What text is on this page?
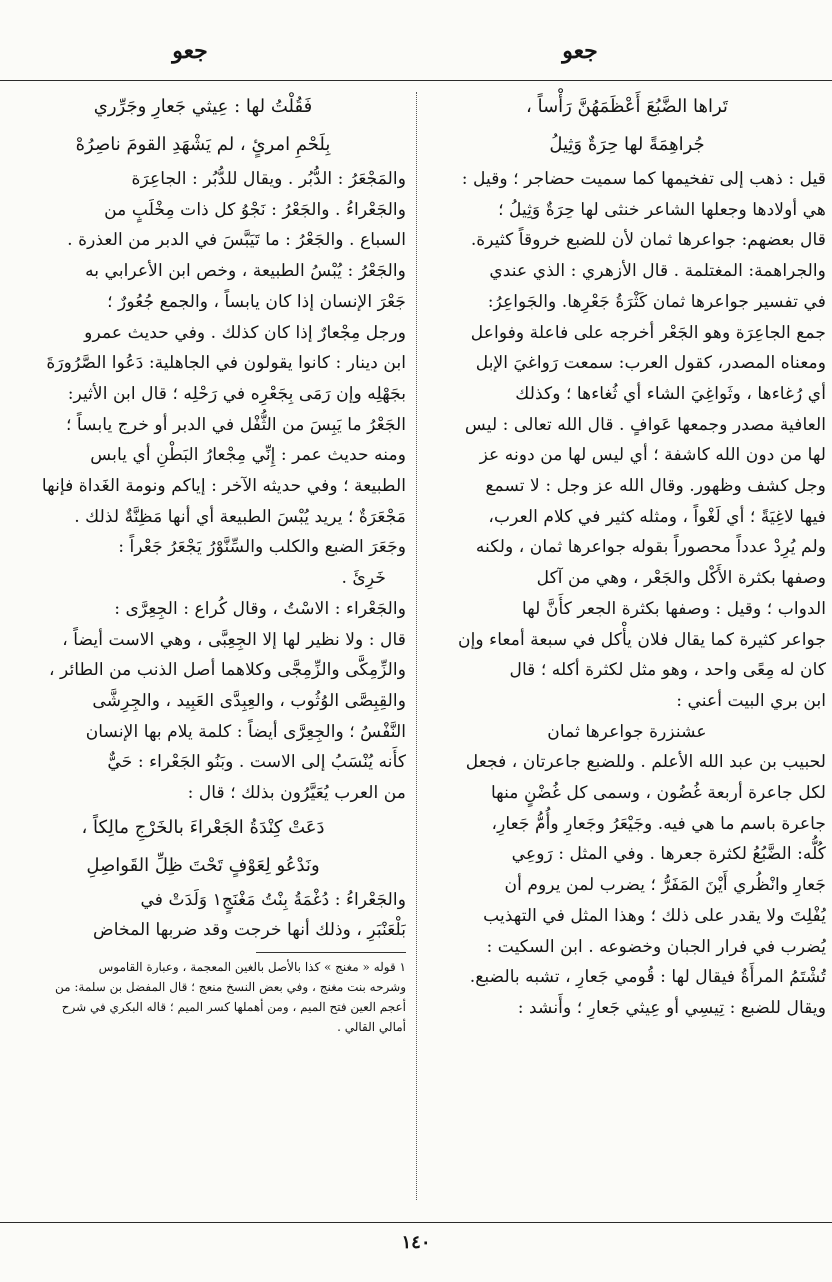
جعو
جعو
تَراها الضَّبُعَ أَعْظَمَهُنَّ رَأْساً ،
جُراهِمَةً لها حِرَةٌ وَثِيلُ
قيل : ذهب إلى تفخيمها كما سميت حضاجر ؛ وقيل :
هي أولادها وجعلها الشاعر خنثى لها حِرَةٌ وَثِيلُ ؛
قال بعضهم: جواعرها ثمان لأن للضبع خروقاً كثيرة.
والجراهمة: المغتلمة . قال الأزهري : الذي عندي
في تفسير جواعرها ثمان كَثْرَةُ جَعْرِها. والجَواعِرُ:
جمع الجاعِرَة وهو الجَعْر أخرجه على فاعلة وفواعل
ومعناه المصدر، كقول العرب: سمعت رَواغيَ الإبل
أي رُغاءها ، وثَواغِيَ الشاء أي ثُغاءها ؛ وكذلك
العافية مصدر وجمعها عَوافٍ . قال الله تعالى : ليس
لها من دون الله كاشفة ؛ أي ليس لها من دونه عز
وجل كشف وظهور. وقال الله عز وجل : لا تسمع
فيها لاغِيَةً ؛ أي لَغْواً ، ومثله كثير في كلام العرب،
ولم يُرِدْ عدداً محصوراً بقوله جواعرها ثمان ، ولكنه
وصفها بكثرة الأَكْل والجَعْر ، وهي من آكل
الدواب ؛ وقيل : وصفها بكثرة الجعر كأَنَّ لها
جواعر كثيرة كما يقال فلان يأْكل في سبعة أمعاء وإن
كان له مِعًى واحد ، وهو مثل لكثرة أكله ؛ قال
ابن بري البيت أعني :
عشنزرة جواعرها ثمان
لحبيب بن عبد الله الأعلم . وللضبع جاعرتان ، فجعل
لكل جاعرة أربعة غُضُون ، وسمى كل غُضْنٍ منها
جاعرة باسم ما هي فيه. وجَيْعَرُ وجَعارِ وأُمُّ جَعارِ،
كُلُّه: الضَّبُعُ لكثرة جعرها . وفي المثل : رَوعِي
جَعارِ وانْظُري أَيْنَ المَفَرُّ ؛ يضرب لمن يروم أن
يُفْلِتَ ولا يقدر على ذلك ؛ وهذا المثل في التهذيب
يُضرب في فرار الجبان وخضوعه . ابن السكيت :
تُشْتَمُ المرأَةُ فيقال لها : قُومي جَعارِ ، تشبه بالضبع.
ويقال للضبع : تِيسِي أو عِيثي جَعارِ ؛ وأَنشد :
فَقُلْتُ لها : عِيثي جَعارِ وجَرِّري
بِلَحْمِ امرئٍ ، لم يَشْهَدِ القومَ ناصِرُهْ
والمَجْعَرُ : الدُّبُر . ويقال للدُّبُر : الجاعِرَة
والجَعْراءُ . والجَعْرُ : نَجْوُ كل ذات مِخْلَبٍ من
السباع . والجَعْرُ : ما تَيَبَّسَ في الدبر من العذرة .
والجَعْرُ : يُبْسُ الطبيعة ، وخص ابن الأعرابي به
جَعْرَ الإنسان إذا كان يابساً ، والجمع جُعُورٌ ؛
ورجل مِجْعارٌ إذا كان كذلك . وفي حديث عمرو
ابن دينار : كانوا يقولون في الجاهلية: دَعُوا الصَّرُورَةَ
بجَهْلِه وإن رَمَى بِجَعْرِه في رَحْلِه ؛ قال ابن الأثير:
الجَعْرُ ما يَبِسَ من الثُّفْل في الدبر أو خرج يابساً ؛
ومنه حديث عمر : إِنِّي مِجْعارُ البَطْنِ أي يابس
الطبيعة ؛ وفي حديثه الآخر : إياكم ونومة الغَداة فإنها
مَجْعَرَةٌ ؛ يريد يُبْسَ الطبيعة أي أنها مَظِنَّةٌ لذلك .
وجَعَرَ الضبع والكلب والسِّنَّوْرُ يَجْعَرُ جَعْراً :
خَرِئَ .
والجَعْراء : الاسْتُ ، وقال كُراع : الجِعِرَّى :
قال : ولا نظير لها إلا الجِعِبَّى ، وهي الاست أيضاً ،
والزِّمِكَّى والزِّمِجَّى وكلاهما أصل الذنب من الطائر ،
والقِبِصَّى الوُثُوب ، والعِبِدَّى العَبِيد ، والجِرِشَّى
النَّفْسُ ؛ والجِعِرَّى أيضاً : كلمة يلام بها الإنسان
كأَنه يُنْسَبُ إلى الاست . وبَنُو الجَعْراء : حَيٌّ
من العرب يُعَيَّرُون بذلك ؛ قال :
دَعَتْ كِنْدَةُ الجَعْراءَ بالخَرْجِ مالِكاً ،
ونَدْعُو لِعَوْفٍ تَحْتَ ظِلِّ القَواصِلِ
والجَعْراءُ : دُغْمَةُ بِنْتُ مَغْنَجٍ١ وَلَدَتْ في
بَلْعَنْبَرِ ، وذلك أنها خرجت وقد ضربها المخاض
١ قوله « مغنج » كذا بالأصل بالغين المعجمة ، وعبارة القاموس
وشرحه بنت مغنج ، وفي بعض النسخ منعج ؛ قال المفضل بن سلمة: من
أعجم العين فتح الميم ، ومن أهملها كسر الميم ؛ قاله البكري في شرح
أمالي القالي .
١٤٠
